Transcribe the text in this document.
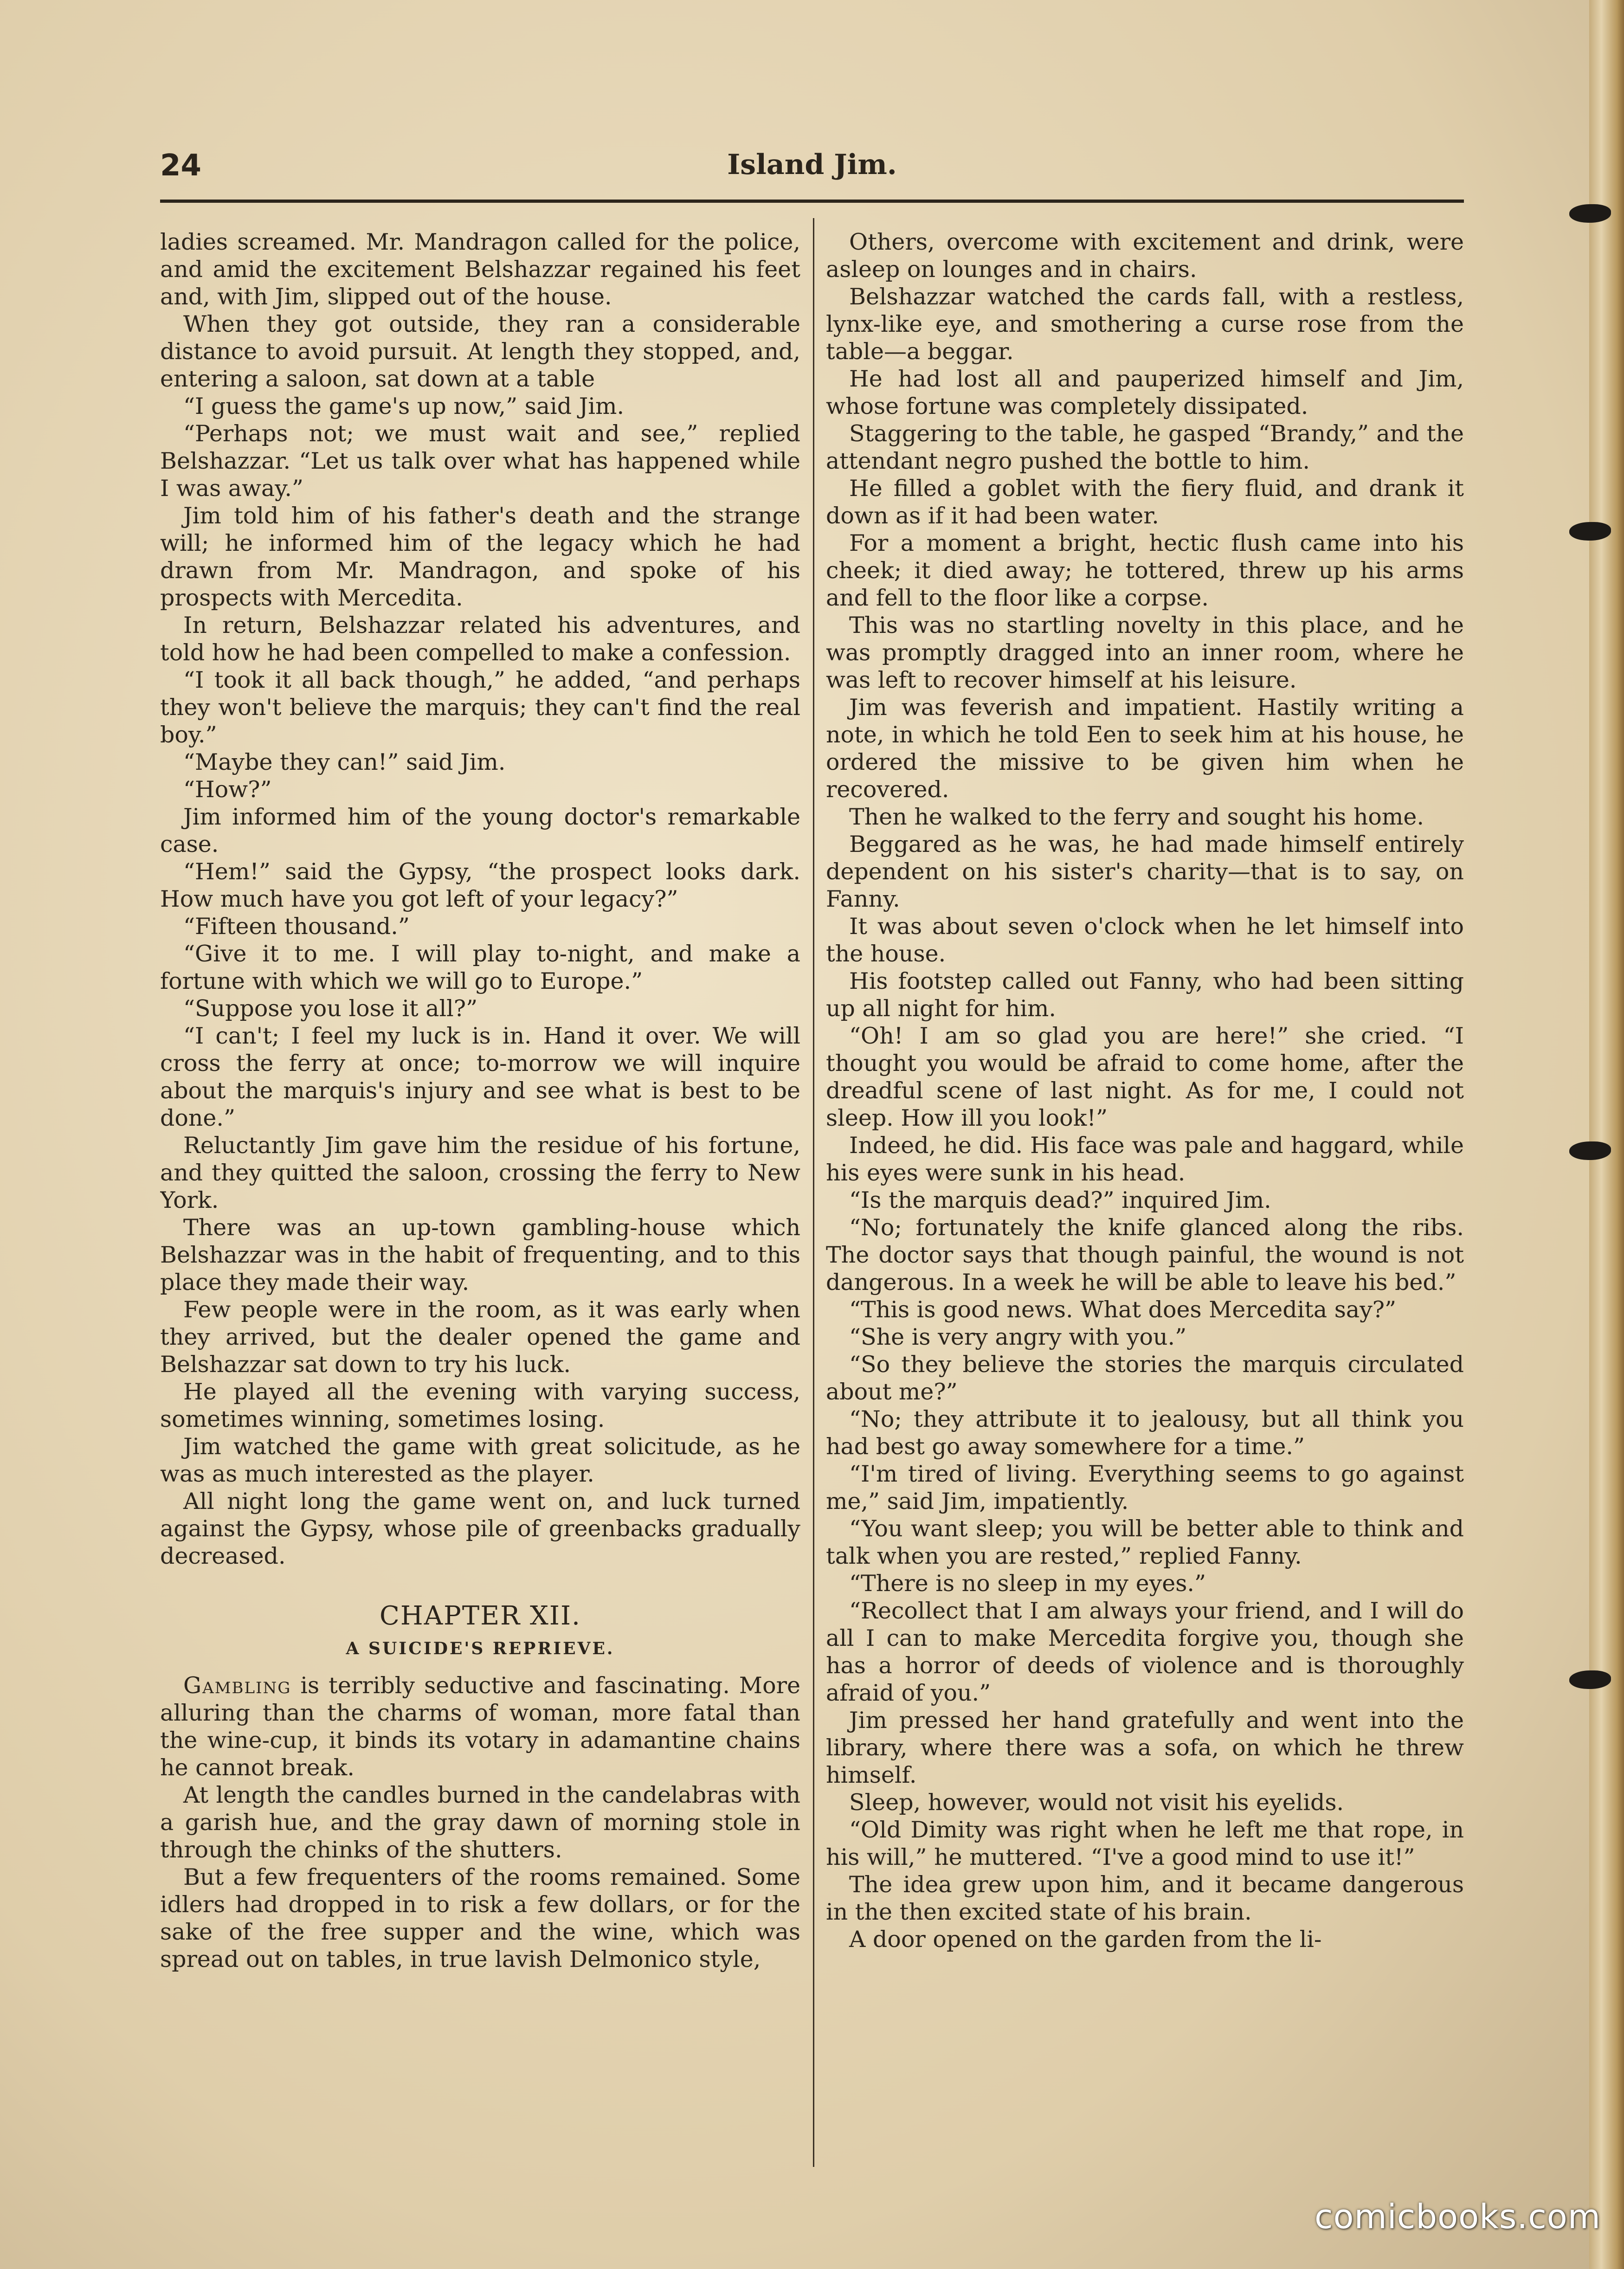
24	Island Jim.

ladies screamed. Mr. Mandragon called for the police, and amid the excitement Belshazzar regained his feet and, with Jim, slipped out of the house.

When they got outside, they ran a considerable distance to avoid pursuit. At length they stopped, and, entering a saloon, sat down at a table

“I guess the game's up now,” said Jim.

“Perhaps not; we must wait and see,” replied Belshazzar. “Let us talk over what has happened while I was away.”

Jim told him of his father's death and the strange will; he informed him of the legacy which he had drawn from Mr. Mandragon, and spoke of his prospects with Mercedita.

In return, Belshazzar related his adventures, and told how he had been compelled to make a confession.

“I took it all back though,” he added, “and perhaps they won't believe the marquis; they can't find the real boy.”

“Maybe they can!” said Jim.

“How?”

Jim informed him of the young doctor's remarkable case.

“Hem!” said the Gypsy, “the prospect looks dark. How much have you got left of your legacy?”

“Fifteen thousand.”

“Give it to me. I will play to-night, and make a fortune with which we will go to Europe.”

“Suppose you lose it all?”

“I can't; I feel my luck is in. Hand it over. We will cross the ferry at once; to-morrow we will inquire about the marquis's injury and see what is best to be done.”

Reluctantly Jim gave him the residue of his fortune, and they quitted the saloon, crossing the ferry to New York.

There was an up-town gambling-house which Belshazzar was in the habit of frequenting, and to this place they made their way.

Few people were in the room, as it was early when they arrived, but the dealer opened the game and Belshazzar sat down to try his luck.

He played all the evening with varying success, sometimes winning, sometimes losing.

Jim watched the game with great solicitude, as he was as much interested as the player.

All night long the game went on, and luck turned against the Gypsy, whose pile of greenbacks gradually decreased.

CHAPTER XII.
A SUICIDE'S REPRIEVE.

Gambling is terribly seductive and fascinating. More alluring than the charms of woman, more fatal than the wine-cup, it binds its votary in adamantine chains he cannot break.

At length the candles burned in the candelabras with a garish hue, and the gray dawn of morning stole in through the chinks of the shutters.

But a few frequenters of the rooms remained. Some idlers had dropped in to risk a few dollars, or for the sake of the free supper and the wine, which was spread out on tables, in true lavish Delmonico style,

Others, overcome with excitement and drink, were asleep on lounges and in chairs.

Belshazzar watched the cards fall, with a restless, lynx-like eye, and smothering a curse rose from the table—a beggar.

He had lost all and pauperized himself and Jim, whose fortune was completely dissipated.

Staggering to the table, he gasped “Brandy,” and the attendant negro pushed the bottle to him.

He filled a goblet with the fiery fluid, and drank it down as if it had been water.

For a moment a bright, hectic flush came into his cheek; it died away; he tottered, threw up his arms and fell to the floor like a corpse.

This was no startling novelty in this place, and he was promptly dragged into an inner room, where he was left to recover himself at his leisure.

Jim was feverish and impatient. Hastily writing a note, in which he told Een to seek him at his house, he ordered the missive to be given him when he recovered.

Then he walked to the ferry and sought his home.

Beggared as he was, he had made himself entirely dependent on his sister's charity—that is to say, on Fanny.

It was about seven o'clock when he let himself into the house.

His footstep called out Fanny, who had been sitting up all night for him.

“Oh! I am so glad you are here!” she cried. “I thought you would be afraid to come home, after the dreadful scene of last night. As for me, I could not sleep. How ill you look!”

Indeed, he did. His face was pale and haggard, while his eyes were sunk in his head.

“Is the marquis dead?” inquired Jim.

“No; fortunately the knife glanced along the ribs. The doctor says that though painful, the wound is not dangerous. In a week he will be able to leave his bed.”

“This is good news. What does Mercedita say?”

“She is very angry with you.”

“So they believe the stories the marquis circulated about me?”

“No; they attribute it to jealousy, but all think you had best go away somewhere for a time.”

“I'm tired of living. Everything seems to go against me,” said Jim, impatiently.

“You want sleep; you will be better able to think and talk when you are rested,” replied Fanny.

“There is no sleep in my eyes.”

“Recollect that I am always your friend, and I will do all I can to make Mercedita forgive you, though she has a horror of deeds of violence and is thoroughly afraid of you.”

Jim pressed her hand gratefully and went into the library, where there was a sofa, on which he threw himself.

Sleep, however, would not visit his eyelids.

“Old Dimity was right when he left me that rope, in his will,” he muttered. “I've a good mind to use it!”

The idea grew upon him, and it became dangerous in the then excited state of his brain.

A door opened on the garden from the li-

comicbooks.com
